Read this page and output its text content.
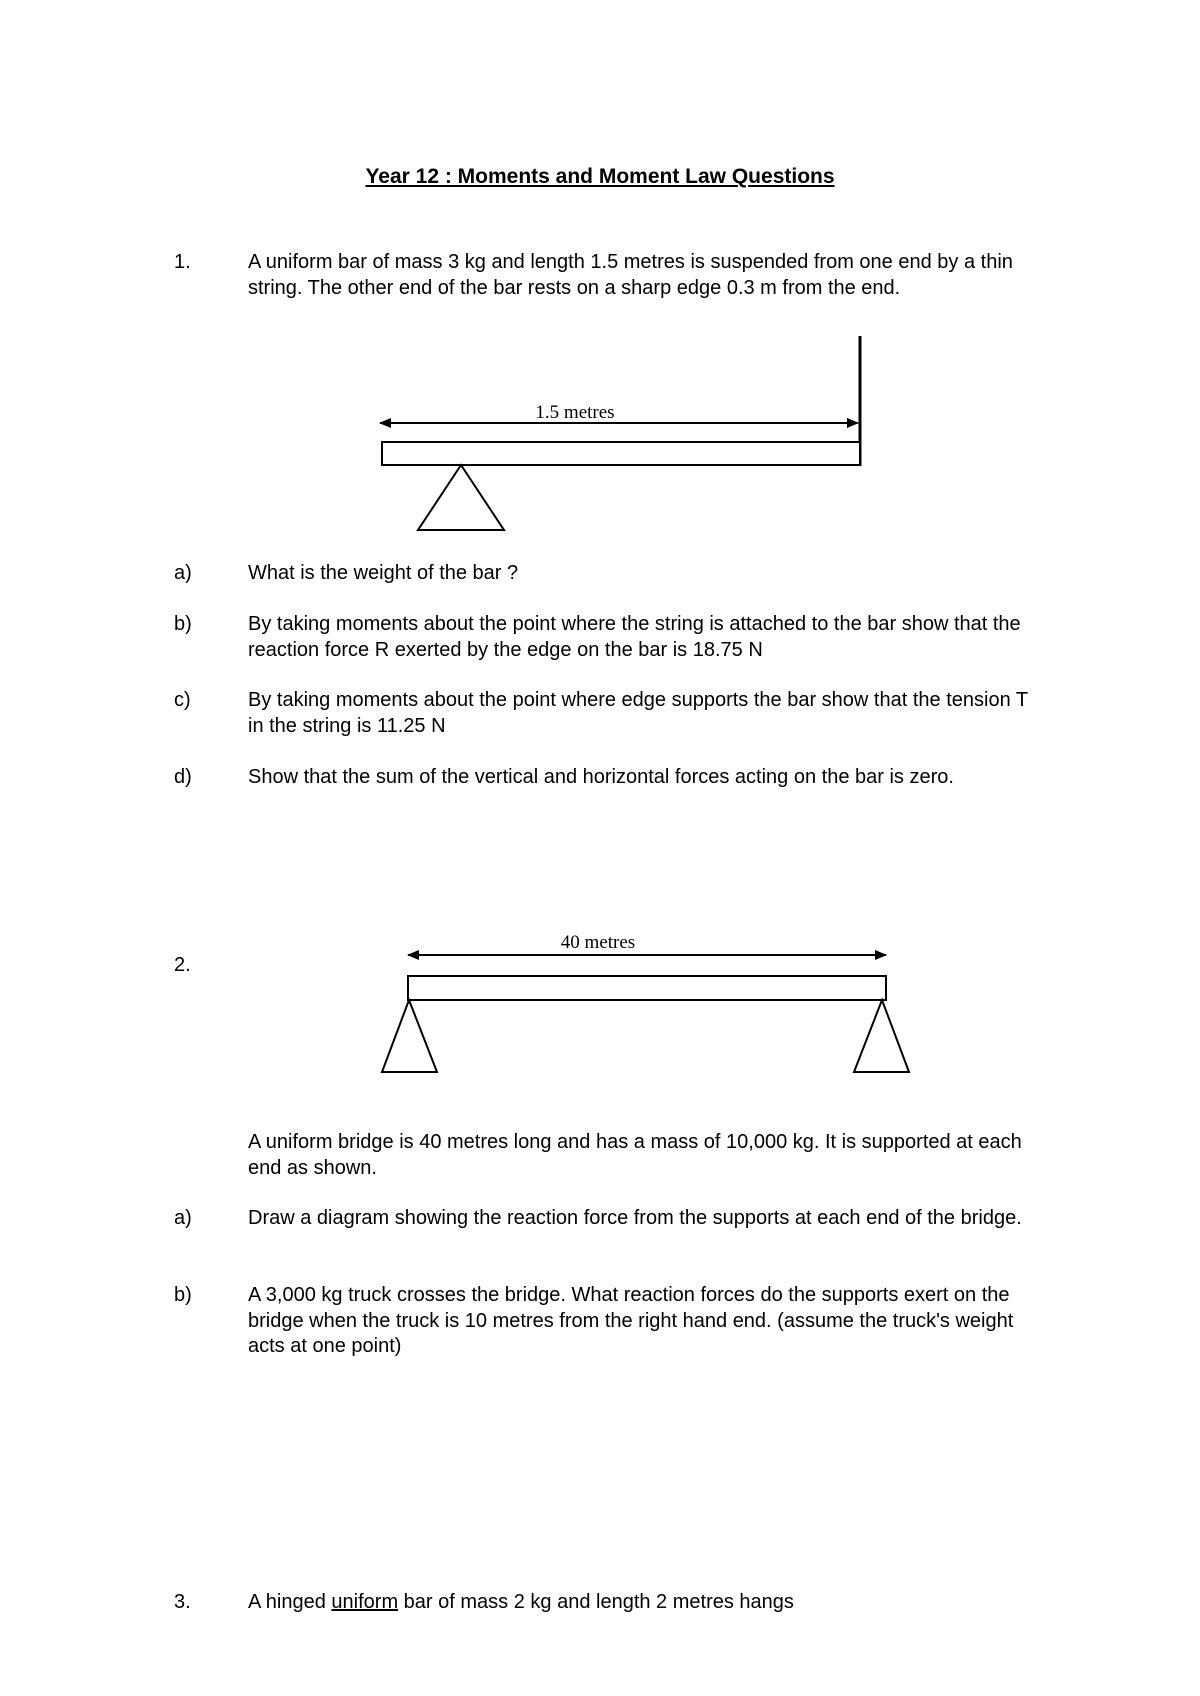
Year 12 : Moments and Moment Law Questions
1.	A uniform bar of mass 3 kg and length 1.5 metres is suspended from one end by a thin string. The other end of the bar rests on a sharp edge 0.3 m from the end.
1.5 metres
a)	What is the weight of the bar ?
b)	By taking moments about the point where the string is attached to the bar show that the reaction force R exerted by the edge on the bar is 18.75 N
c)	By taking moments about the point where edge supports the bar show that the tension T in the string is 11.25 N
d)	Show that the sum of the vertical and horizontal forces acting on the bar is zero.
2.
40 metres
A uniform bridge is 40 metres long and has a mass of 10,000 kg. It is supported at each end as shown.
a)	Draw a diagram showing the reaction force from the supports at each end of the bridge.
b)	A 3,000 kg truck crosses the bridge. What reaction forces do the supports exert on the bridge when the truck is 10 metres from the right hand end. (assume the truck's weight acts at one point)
3.	A hinged uniform bar of mass 2 kg and length 2 metres hangs
